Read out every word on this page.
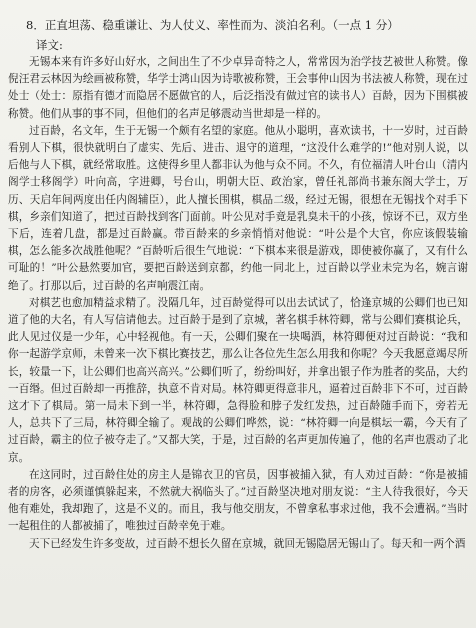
8．正直坦荡、稳重谦让、为人仗义、率性而为、淡泊名利。（一点 1 分）
译文:

无锡本来有许多好山好水，之间出生了不少卓异奇特之人，常常因为治学技艺被世人称赞。像倪汪君云林因为绘画被称赞，华学士鸿山因为诗歌被称赞，王会事仲山因为书法被人称赞，现在过处士（处士：原指有德才而隐居不愿做官的人，后泛指没有做过官的读书人）百龄，因为下围棋被称赞。他们从事的事不同，但他们的名声足够震动当世却是一样的。

过百龄，名文年，生于无锡一个颇有名望的家庭。他从小聪明，喜欢读书，十一岁时，过百龄看别人下棋，很快就明白了虚实、先后、进击、退守的道理，“这没什么难学的!”他对别人说，以后他与人下棋，就经常取胜。这使得乡里人都非认为他与众不同。不久，有位福清人叶台山（清内阁学士移阁学）叶向高，字进卿，号台山，明朝大臣、政治家，曾任礼部尚书兼东阁大学士，万历、天启年间两度出任内阁辅臣），此人擅长围棋，棋品二级，经过无锡，很想在无锡找个对手下棋，乡亲们知道了，把过百龄找到客门面前。叶公见对手竟是乳臭未干的小孩，惊讶不已，双方坐下后，连着几盘，都是过百龄赢。带百龄来的乡亲悄悄对他说：“叶公是个大官，你应该假装输棋，怎么能多次战胜他呢？”百龄听后很生气地说：“下棋本来很是游戏，即使被你赢了，又有什么可耻的！”叶公悬然要加官，要把百龄送到京都，约他一同北上，过百龄以学业未完为名，婉言谢绝了。打那以后，过百龄的名声响震江南。

对棋艺也愈加精益求精了。没隔几年，过百龄觉得可以出去试试了，恰逢京城的公卿们也已知道了他的大名，有人写信请他去。过百龄于是到了京城，著名棋手林符卿，常与公卿们赛棋论兵，此人见过仪是一少年，心中轻视他。有一天，公卿们聚在一块喝酒，林符卿便对过百龄说：“我和你一起游学京师，未曾来一次下棋比赛技艺，那么让各位先生怎么用我和你呢？今天我愿意竭尽所长，较量一下，让公卿们也高兴高兴。”公卿们听了，纷纷叫好，并拿出银子作为胜者的奖品，大约一百缗。但过百龄却一再推辞，执意不肯对局。林符卿更得意非凡，逼着过百龄非下不可，过百龄这才下了棋局。第一局未下到一半，林符卿，急得脸和脖子发红发热，过百龄随手而下，旁若无人，总共下了三局，林符卿全输了。观战的公卿们哗然，说：“林符卿一向是棋坛一霸，今天有了过百龄，霸主的位子被夺走了。”又都大笑，于是，过百龄的名声更加传遍了，他的名声也震动了北京。

在这同时，过百龄住处的房主人是锦衣卫的官员，因事被捕入狱，有人劝过百龄：“你是被捕者的房客，必须谨慎躲起来，不然就大祸临头了。”过百龄坚决地对朋友说：“主人待我很好，今天他有难处，我却跑了，这是不义的。而且，我与他交朋友，不曾拿私事求过他，我不会遭祸。”当时一起租住的人都被捕了，唯独过百龄幸免于难。

天下已经发生许多变故，过百龄不想长久留在京城，就回无锡隐居无锡山了。每天和一两个酒
